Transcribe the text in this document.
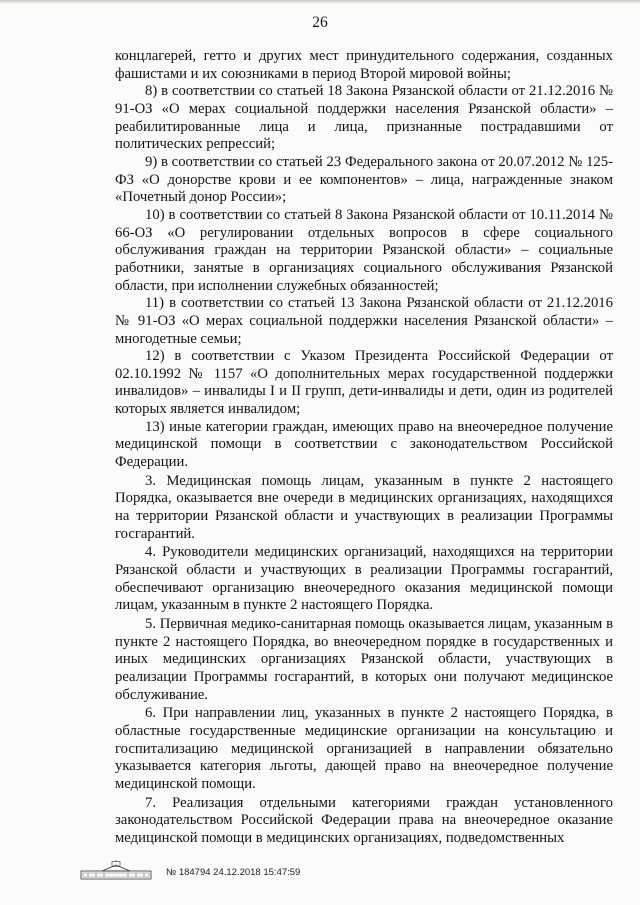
26

концлагерей, гетто и других мест принудительного содержания, созданных фашистами и их союзниками в период Второй мировой войны;

8) в соответствии со статьей 18 Закона Рязанской области от 21.12.2016 № 91-ОЗ «О мерах социальной поддержки населения Рязанской области» – реабилитированные лица и лица, признанные пострадавшими от политических репрессий;

9) в соответствии со статьей 23 Федерального закона от 20.07.2012 № 125-ФЗ «О донорстве крови и ее компонентов» – лица, награжденные знаком «Почетный донор России»;

10) в соответствии со статьей 8 Закона Рязанской области от 10.11.2014 № 66-ОЗ «О регулировании отдельных вопросов в сфере социального обслуживания граждан на территории Рязанской области» – социальные работники, занятые в организациях социального обслуживания Рязанской области, при исполнении служебных обязанностей;

11) в соответствии со статьей 13 Закона Рязанской области от 21.12.2016 № 91-ОЗ «О мерах социальной поддержки населения Рязанской области» – многодетные семьи;

12) в соответствии с Указом Президента Российской Федерации от 02.10.1992 № 1157 «О дополнительных мерах государственной поддержки инвалидов» – инвалиды I и II групп, дети-инвалиды и дети, один из родителей которых является инвалидом;

13) иные категории граждан, имеющих право на внеочередное получение медицинской помощи в соответствии с законодательством Российской Федерации.

3. Медицинская помощь лицам, указанным в пункте 2 настоящего Порядка, оказывается вне очереди в медицинских организациях, находящихся на территории Рязанской области и участвующих в реализации Программы госгарантий.

4. Руководители медицинских организаций, находящихся на территории Рязанской области и участвующих в реализации Программы госгарантий, обеспечивают организацию внеочередного оказания медицинской помощи лицам, указанным в пункте 2 настоящего Порядка.

5. Первичная медико-санитарная помощь оказывается лицам, указанным в пункте 2 настоящего Порядка, во внеочередном порядке в государственных и иных медицинских организациях Рязанской области, участвующих в реализации Программы госгарантий, в которых они получают медицинское обслуживание.

6. При направлении лиц, указанных в пункте 2 настоящего Порядка, в областные государственные медицинские организации на консультацию и госпитализацию медицинской организацией в направлении обязательно указывается категория льготы, дающей право на внеочередное получение медицинской помощи.

7. Реализация отдельными категориями граждан установленного законодательством Российской Федерации права на внеочередное оказание медицинской помощи в медицинских организациях, подведомственных

№ 184794 24.12.2018 15:47:59
